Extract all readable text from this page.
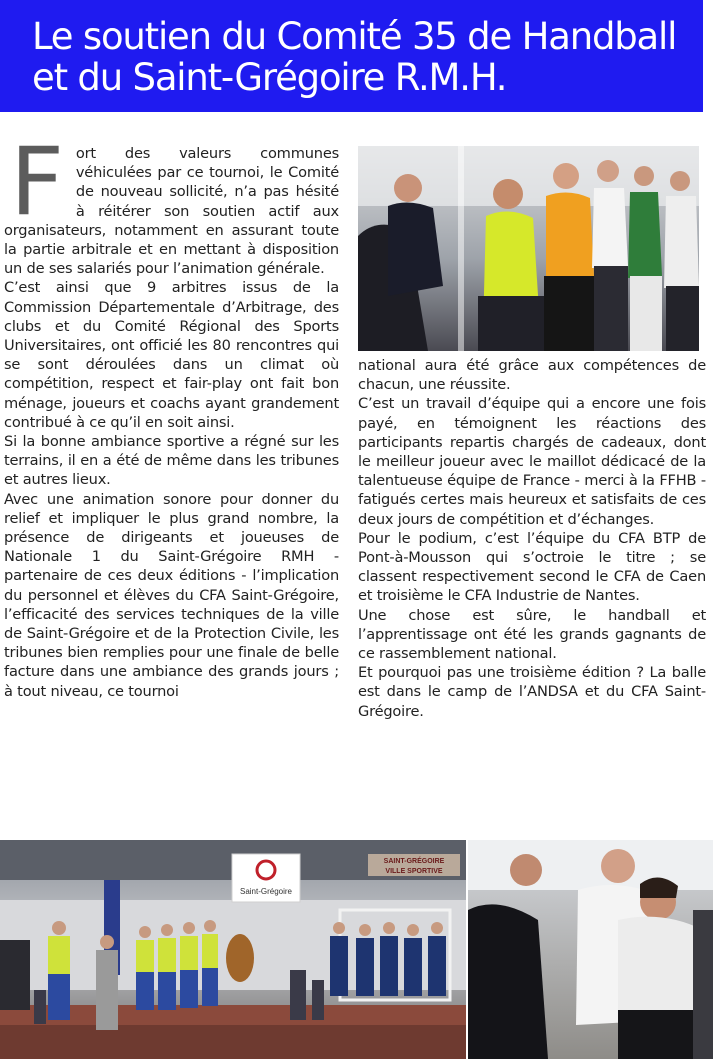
Le soutien du Comité 35 de Handball
et du Saint-Grégoire R.M.H.

Fort des valeurs communes véhiculées par ce tournoi, le Comité de nouveau sollicité, n’a pas hésité à réitérer son soutien actif aux organisateurs, notamment en assurant toute la partie arbitrale et en mettant à disposition un de ses salariés pour l’animation générale.

C’est ainsi que 9 arbitres issus de la Commission Départementale d’Arbitrage, des clubs et du Comité Régional des Sports Universitaires, ont officié les 80 rencontres qui se sont déroulées dans un climat où compétition, respect et fair-play ont fait bon ménage, joueurs et coachs ayant grandement contribué à ce qu’il en soit ainsi.

Si la bonne ambiance sportive a régné sur les terrains, il en a été de même dans les tribunes et autres lieux.

Avec une animation sonore pour donner du relief et impliquer le plus grand nombre, la présence de dirigeants et joueuses de Nationale 1 du Saint-Grégoire RMH - partenaire de ces deux éditions - l’implication du personnel et élèves du CFA Saint-Grégoire, l’efficacité des services techniques de la ville de Saint-Grégoire et de la Protection Civile, les tribunes bien remplies pour une finale de belle facture dans une ambiance des grands jours ; à tout niveau, ce tournoi

national aura été grâce aux compétences de chacun, une réussite.

C’est un travail d’équipe qui a encore une fois payé, en témoignent les réactions des participants repartis chargés de cadeaux, dont le meilleur joueur avec le maillot dédicacé de la talentueuse équipe de France - merci à la FFHB - fatigués certes mais heureux et satisfaits de ces deux jours de compétition et d’échanges.

Pour le podium, c’est l’équipe du CFA BTP de Pont-à-Mousson qui s’octroie le titre ; se classent respectivement second le CFA de Caen et troisième le CFA Industrie de Nantes.

Une chose est sûre, le handball et l’apprentissage ont été les grands gagnants de ce rassemblement national.

Et pourquoi pas une troisième édition ? La balle est dans le camp de l’ANDSA et du CFA Saint-Grégoire.

Saint-Grégoire
SAINT-GRÉGOIRE
VILLE SPORTIVE
